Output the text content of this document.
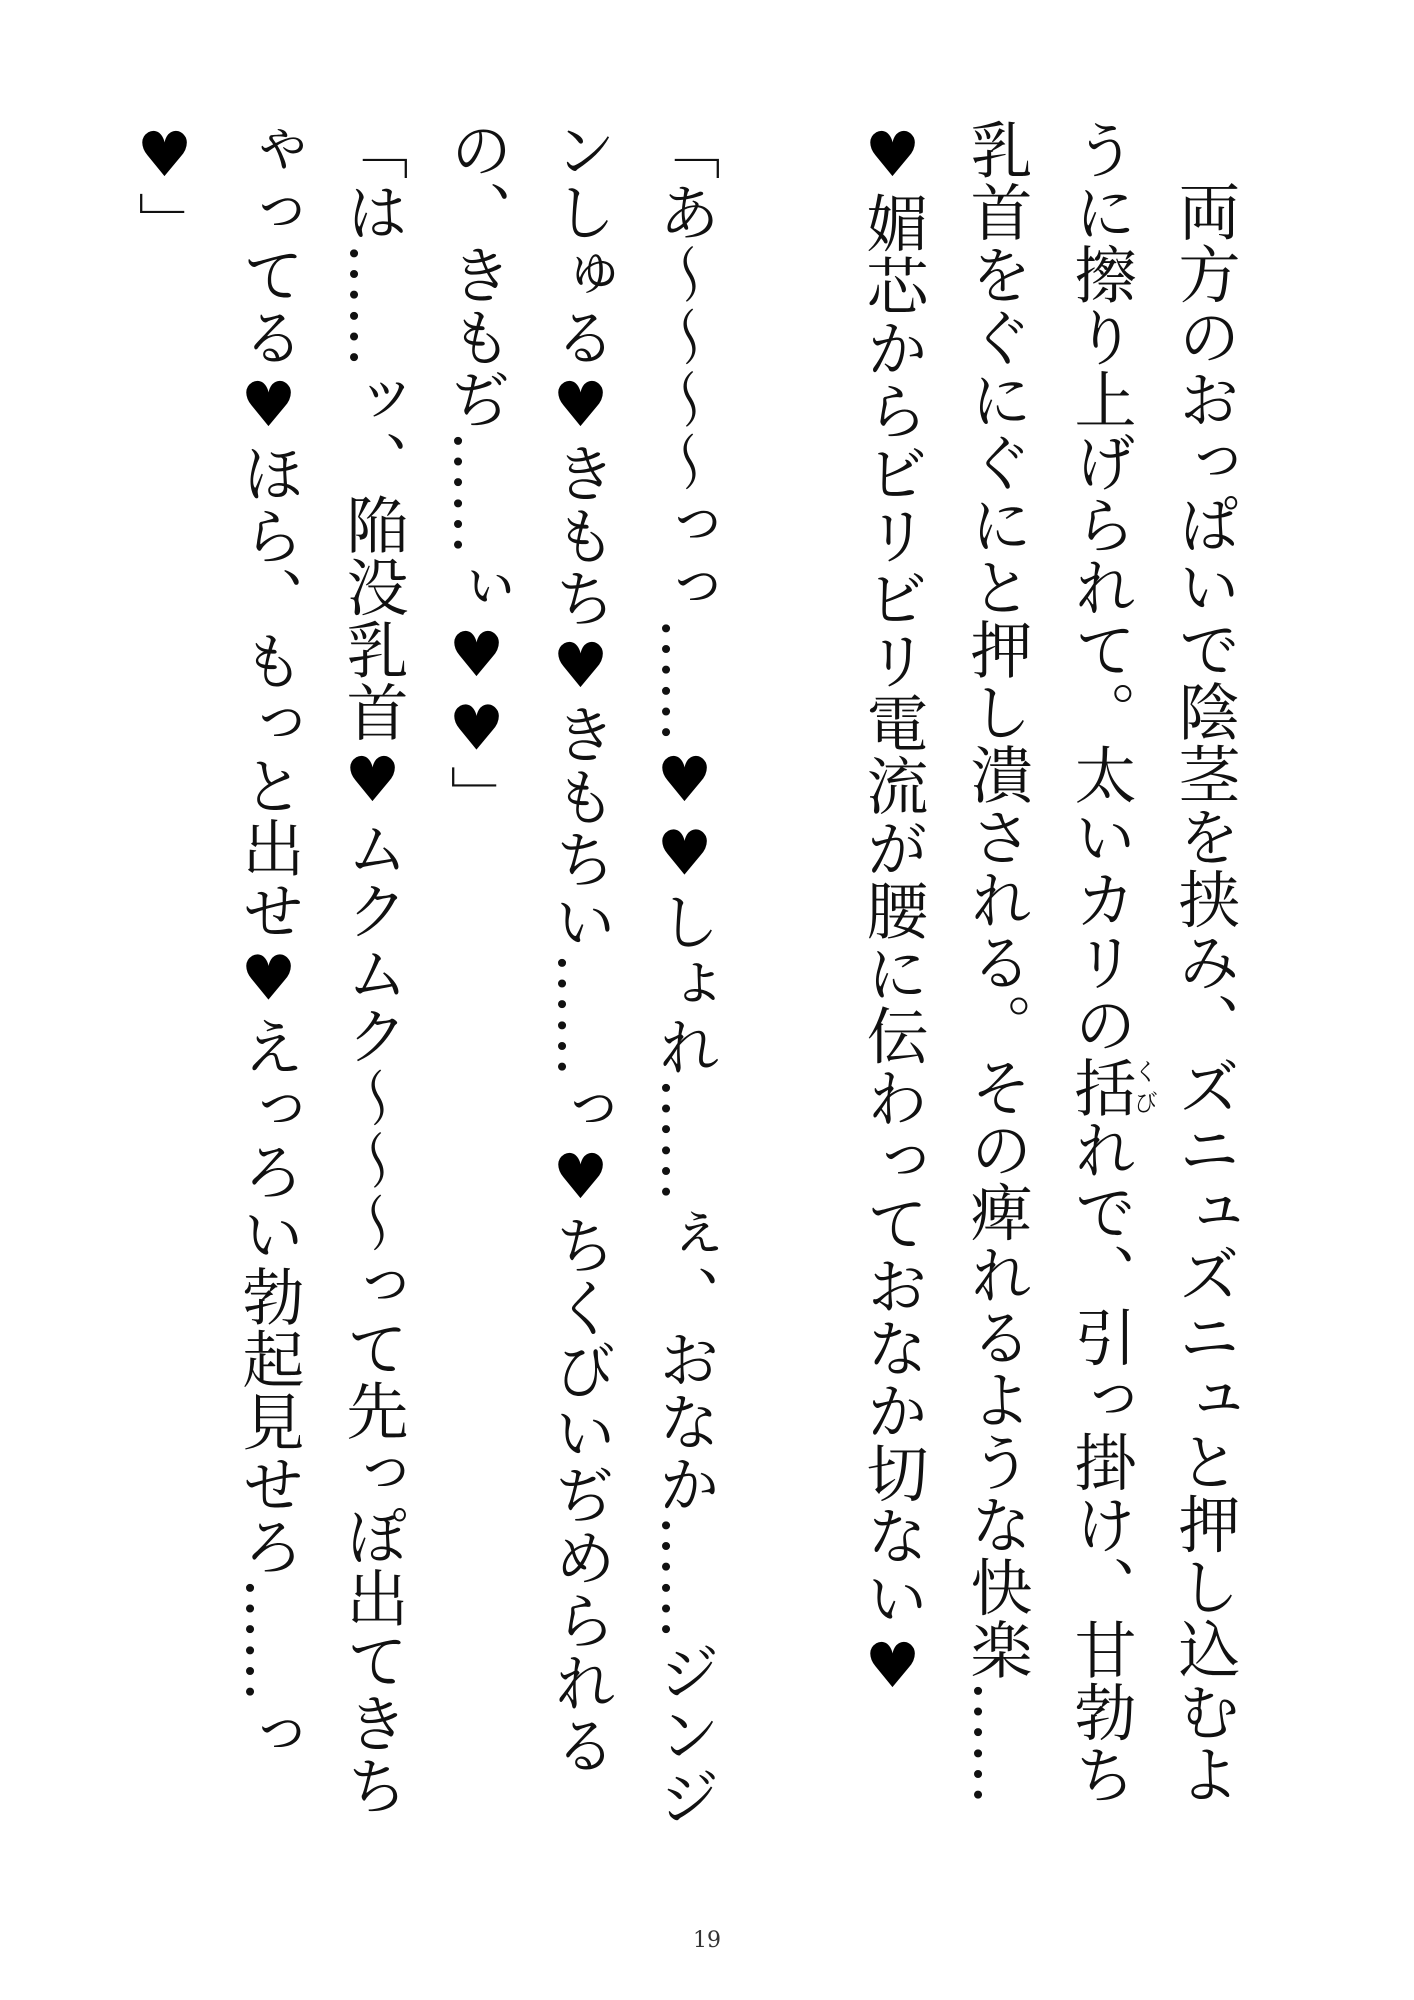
両方のおっぱいで陰茎を挟み、ズニュズニュと押し込むように擦り上げられて。太いカリの括くびれで、引っ掛け、甘勃ち乳首をぐにぐにと押し潰される。その痺れるような快楽……♥媚芯からビリビリ電流が腰に伝わっておなか切ない♥

「あ〜〜〜〜っっ……♥♥しょれ……ぇ、おなか……ジンジンしゅる♥きもち♥きもちい……っ♥ちくびいぢめられるの、きもぢ……ぃ♥♥」

「は……ッ、陥没乳首♥ムクムク〜〜〜って先っぽ出てきちゃってる♥ほら、もっと出せ♥えっろい勃起見せろ……っ♥」

19
